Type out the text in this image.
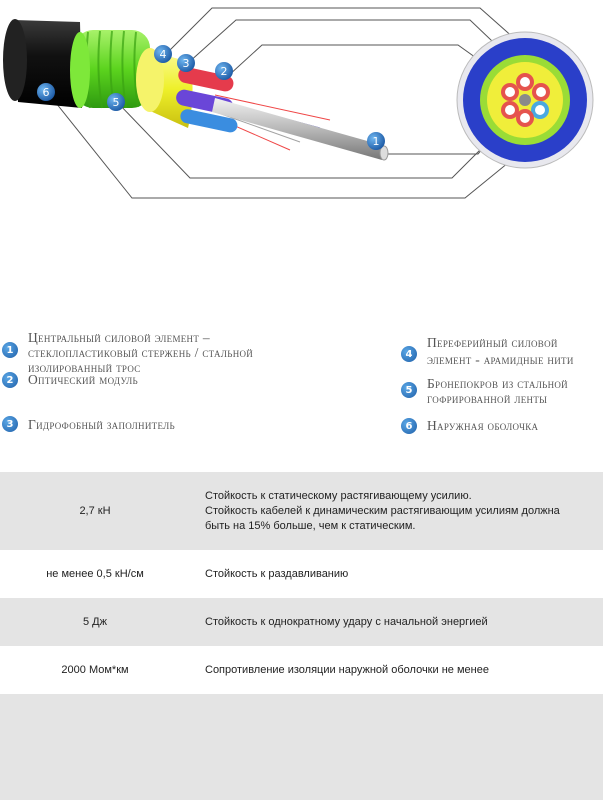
6
5
4
3
2
1
1
Центральный силовой элемент – стеклопластиковый стержень / стальной изолированный трос
2	Оптический модуль
3	Гидрофобный заполнитель
4
Переферийный силовой элемент - арамидные нити
5	Бронепокров из стальной гофрированной ленты
6	Наружная оболочка
2,7 кН	Стойкость к статическому растягивающему усилию.
Стойкость кабелей к динамическим растягивающим усилиям должна быть на 15% больше, чем к статическим.
не менее 0,5 кН/см	Стойкость к раздавливанию
5 Дж	Стойкость к однократному удару с начальной энергией
2000 Мом*км	Сопротивление изоляции наружной оболочки не менее
